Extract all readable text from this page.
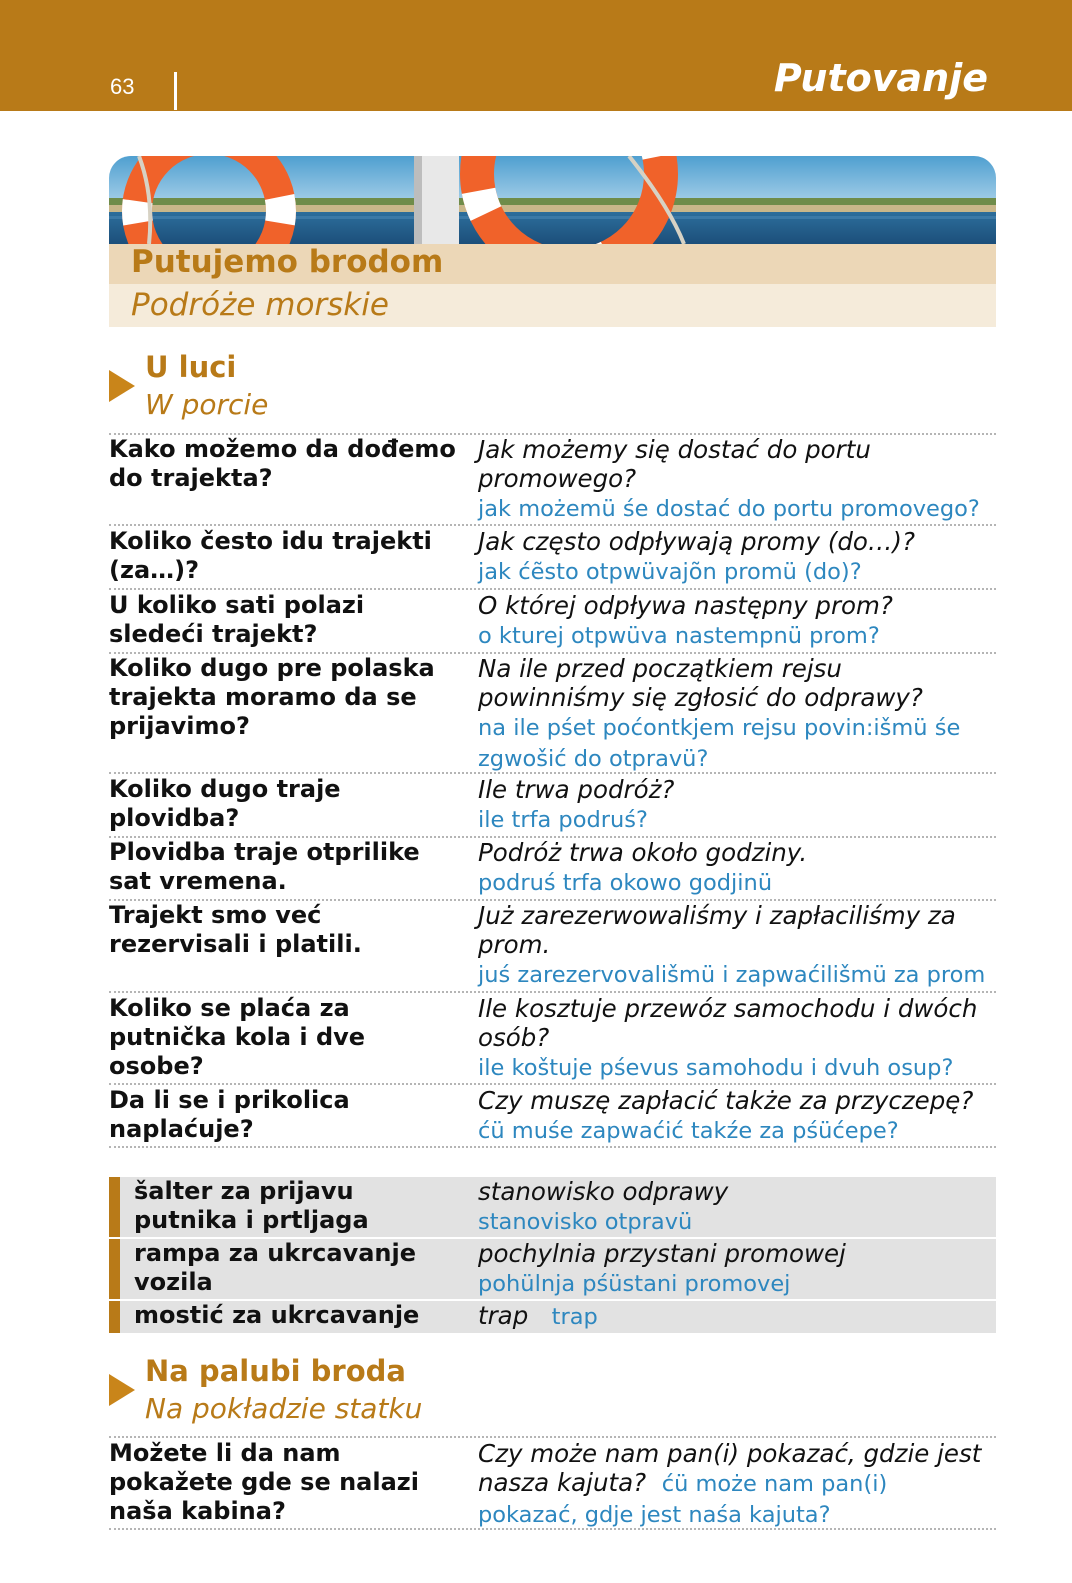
63	Putovanje
Putujemo brodom
Podróże morskie
U luci
W porcie
Kako možemo da dođemo do trajekta?
Jak możemy się dostać do portu promowego?
jak możemü śe dostać do portu promovego?
Koliko često idu trajekti (za…)?
Jak często odpływają promy (do…)?
jak ćẽsto otpwüvajõn promü (do)?
U koliko sati polazi sledeći trajekt?
O której odpływa następny prom?
o kturej otpwüva nastempnü prom?
Koliko dugo pre polaska trajekta moramo da se prijavimo?
Na ile przed początkiem rejsu powinniśmy się zgłosić do odprawy?
na ile pśet poćontkjem rejsu povin:išmü śe zgwošić do otpravü?
Koliko dugo traje plovidba?
Ile trwa podróż?
ile trfa podruś?
Plovidba traje otprilike sat vremena.
Podróż trwa około godziny.
podruś trfa okowo godjinü
Trajekt smo već rezervisali i platili.
Już zarezerwowaliśmy i zapłaciliśmy za prom.
juś zarezervovališmü i zapwaćilišmü za prom
Koliko se plaća za putnička kola i dve osobe?
Ile kosztuje przewóz samochodu i dwóch osób?
ile koštuje pśevus samohodu i dvuh osup?
Da li se i prikolica naplaćuje?
Czy muszę zapłacić także za przyczepę?
ćü muśe zapwaćić takźe za pśüćepe?
šalter za prijavu putnika i prtljaga
stanowisko odprawy
stanovisko otpravü
rampa za ukrcavanje vozila
pochylnia przystani promowej
pohülnja pśüstani promovej
mostić za ukrcavanje	trap trap
Na palubi broda
Na pokładzie statku
Možete li da nam pokažete gde se nalazi naša kabina?
Czy może nam pan(i) pokazać, gdzie jest nasza kajuta? ćü może nam pan(i) pokazać, gdje jest naśa kajuta?
